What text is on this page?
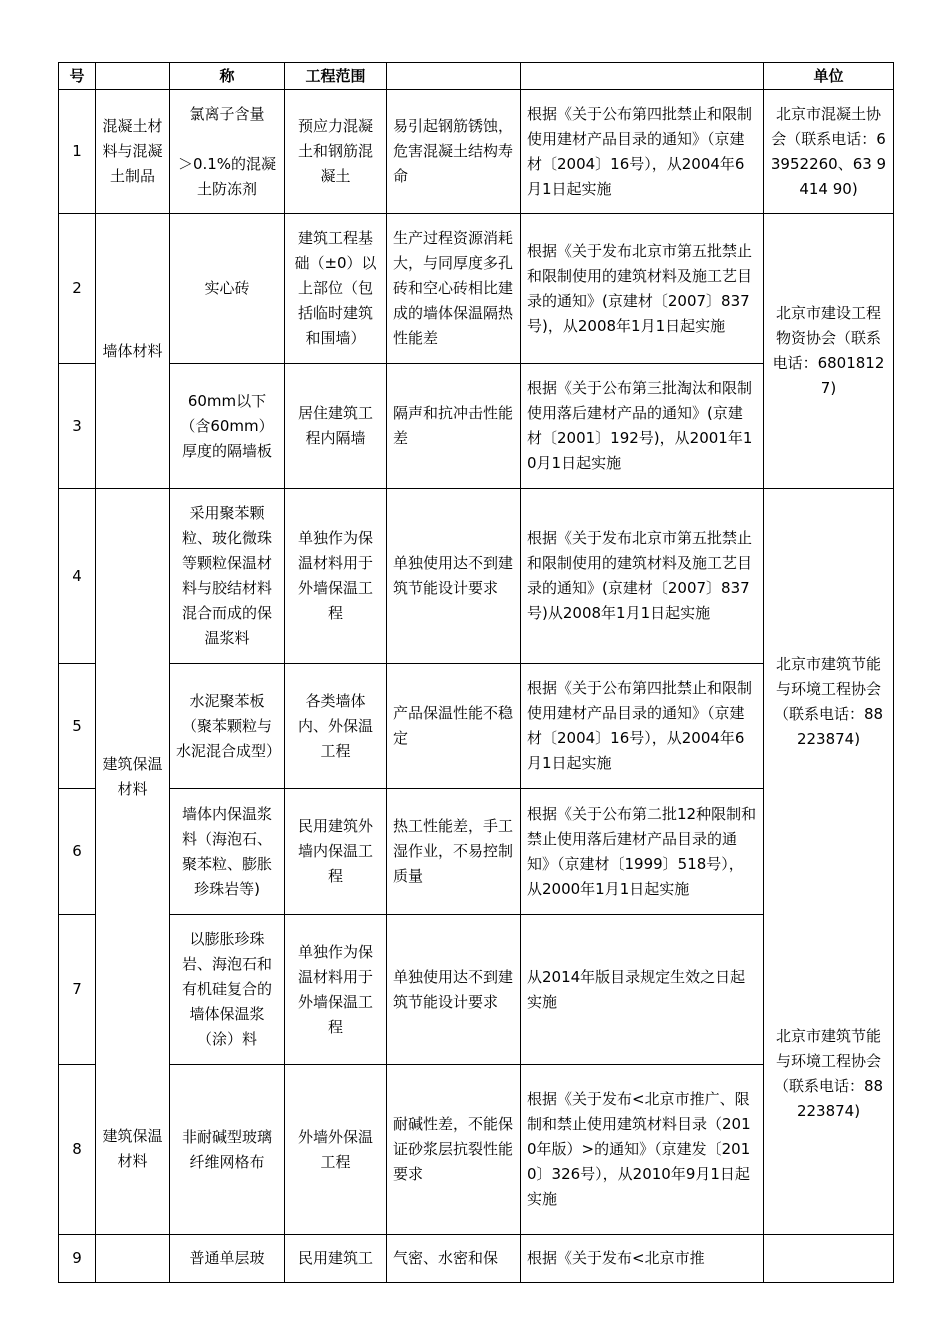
号		称	工程范围			单位
1	混凝土材料与混凝土制品	氯离子含量
＞0.1%的混凝土防冻剂	预应力混凝土和钢筋混凝土	易引起钢筋锈蚀，危害混凝土结构寿命	根据《关于公布第四批禁止和限制使用建材产品目录的通知》（京建材〔2004〕16号），从2004年6月1日起实施	北京市混凝土协会（联系电话：63952260、63 9414 90)
2	墙体材料	实心砖	建筑工程基础（±0）以上部位（包括临时建筑和围墙）	生产过程资源消耗大，与同厚度多孔砖和空心砖相比建成的墙体保温隔热性能差	根据《关于发布北京市第五批禁止和限制使用的建筑材料及施工艺目录的通知》(京建材〔2007〕837号)，从2008年1月1日起实施	北京市建设工程物资协会（联系电话：68018127)
3		60mm以下（含60mm）厚度的隔墙板	居住建筑工程内隔墙	隔声和抗冲击性能差	根据《关于公布第三批淘汰和限制使用落后建材产品的通知》(京建材〔2001〕192号)，从2001年10月1日起实施	
4	建筑保温材料	采用聚苯颗粒、玻化微珠等颗粒保温材料与胶结材料混合而成的保温浆料	单独作为保温材料用于外墙保温工程	单独使用达不到建筑节能设计要求	根据《关于发布北京市第五批禁止和限制使用的建筑材料及施工艺目录的通知》(京建材〔2007〕837号)从2008年1月1日起实施	北京市建筑节能与环境工程协会（联系电话：88223874)
5		水泥聚苯板（聚苯颗粒与水泥混合成型）	各类墙体内、外保温工程	产品保温性能不稳定	根据《关于公布第四批禁止和限制使用建材产品目录的通知》（京建材〔2004〕16号），从2004年6月1日起实施	
6		墙体内保温浆料（海泡石、聚苯粒、膨胀珍珠岩等)	民用建筑外墙内保温工程	热工性能差，手工湿作业，不易控制质量	根据《关于公布第二批12种限制和禁止使用落后建材产品目录的通知》（京建材〔1999〕518号），从2000年1月1日起实施	
7		以膨胀珍珠岩、海泡石和有机硅复合的墙体保温浆（涂）料	单独作为保温材料用于外墙保温工程	单独使用达不到建筑节能设计要求	从2014年版目录规定生效之日起实施	北京市建筑节能与环境工程协会（联系电话：88223874)
8	建筑保温材料	非耐碱型玻璃纤维网格布	外墙外保温工程	耐碱性差，不能保证砂浆层抗裂性能要求	根据《关于发布<北京市推广、限制和禁止使用建筑材料目录（2010年版）>的通知》（京建发〔2010〕326号），从2010年9月1日起实施	
9		普通单层玻	民用建筑工	气密、水密和保	根据《关于发布<北京市推	
